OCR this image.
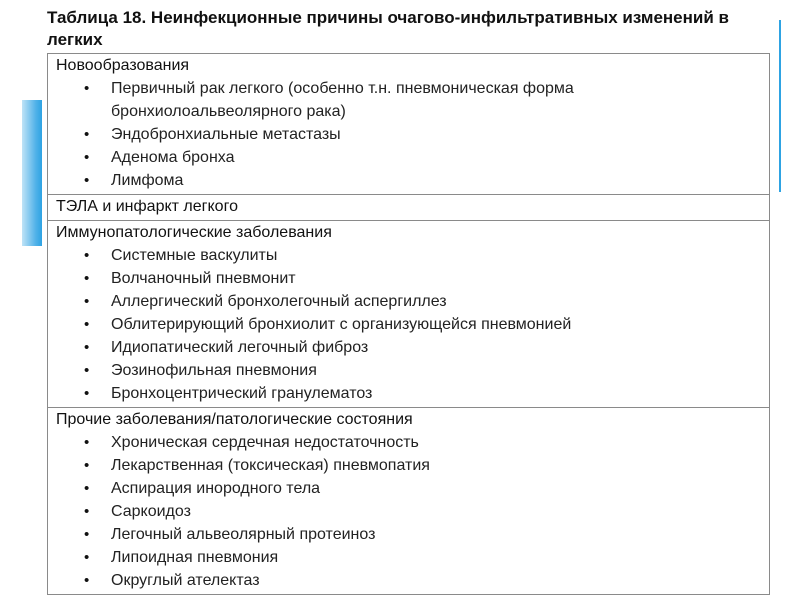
Таблица 18. Неинфекционные причины очагово-инфильтративных изменений в легких
Новообразования
• Первичный рак легкого (особенно т.н. пневмоническая форма бронхиолоальвеолярного рака)
• Эндобронхиальные метастазы
• Аденома бронха
• Лимфома
ТЭЛА и инфаркт легкого
Иммунопатологические заболевания
• Системные васкулиты
• Волчаночный пневмонит
• Аллергический бронхолегочный аспергиллез
• Облитерирующий бронхиолит с организующейся пневмонией
• Идиопатический легочный фиброз
• Эозинофильная пневмония
• Бронхоцентрический гранулематоз
Прочие заболевания/патологические состояния
• Хроническая сердечная недостаточность
• Лекарственная (токсическая) пневмопатия
• Аспирация инородного тела
• Саркоидоз
• Легочный альвеолярный протеиноз
• Липоидная пневмония
• Округлый ателектаз
